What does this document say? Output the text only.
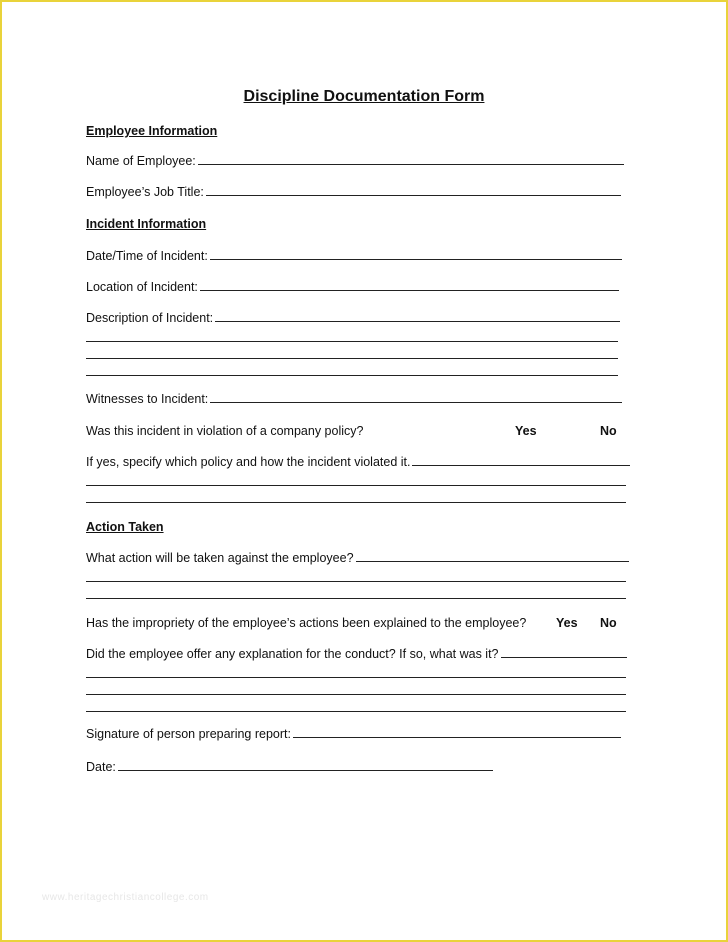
Discipline Documentation Form
Employee Information
Name of Employee:
Employee’s Job Title:
Incident Information
Date/Time of Incident:
Location of Incident:
Description of Incident:
Witnesses to Incident:
Was this incident in violation of a company policy?	Yes	No
If yes, specify which policy and how the incident violated it.
Action Taken
What action will be taken against the employee?
Has the impropriety of the employee’s actions been explained to the employee? Yes No
Did the employee offer any explanation for the conduct? If so, what was it?
Signature of person preparing report:
Date:
www.heritagechristiancollege.com
